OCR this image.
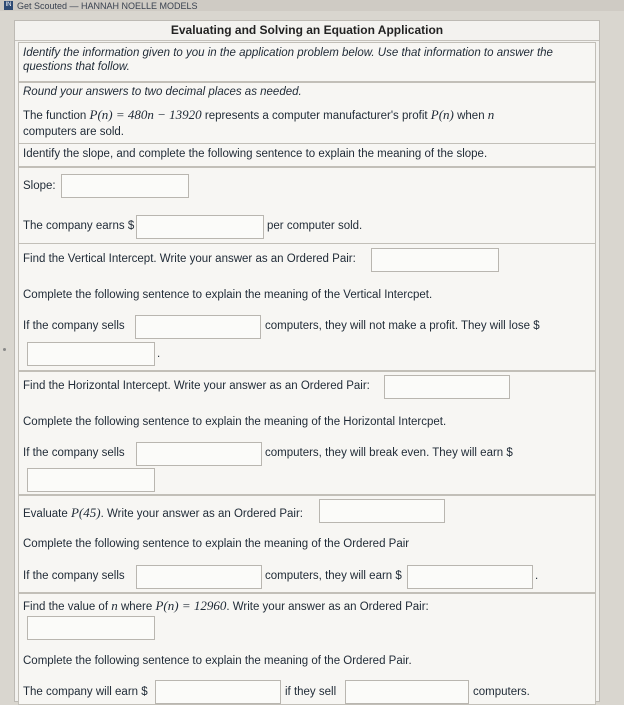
IN Get Scouted — HANNAH NOELLE MODELS
Evaluating and Solving an Equation Application
Identify the information given to you in the application problem below. Use that information to answer the questions that follow.
Round your answers to two decimal places as needed.
The function P(n) = 480n − 13920 represents a computer manufacturer's profit P(n) when n
computers are sold.
Identify the slope, and complete the following sentence to explain the meaning of the slope.
Slope:
The company earns $	per computer sold.
Find the Vertical Intercept. Write your answer as an Ordered Pair:
Complete the following sentence to explain the meaning of the Vertical Intercpet.
If the company sells	computers, they will not make a profit. They will lose $
.
Find the Horizontal Intercept. Write your answer as an Ordered Pair:
Complete the following sentence to explain the meaning of the Horizontal Intercpet.
If the company sells	computers, they will break even. They will earn $
Evaluate P(45). Write your answer as an Ordered Pair:
Complete the following sentence to explain the meaning of the Ordered Pair
If the company sells	computers, they will earn $	.
Find the value of n where P(n) = 12960. Write your answer as an Ordered Pair:
Complete the following sentence to explain the meaning of the Ordered Pair.
The company will earn $	if they sell	computers.
